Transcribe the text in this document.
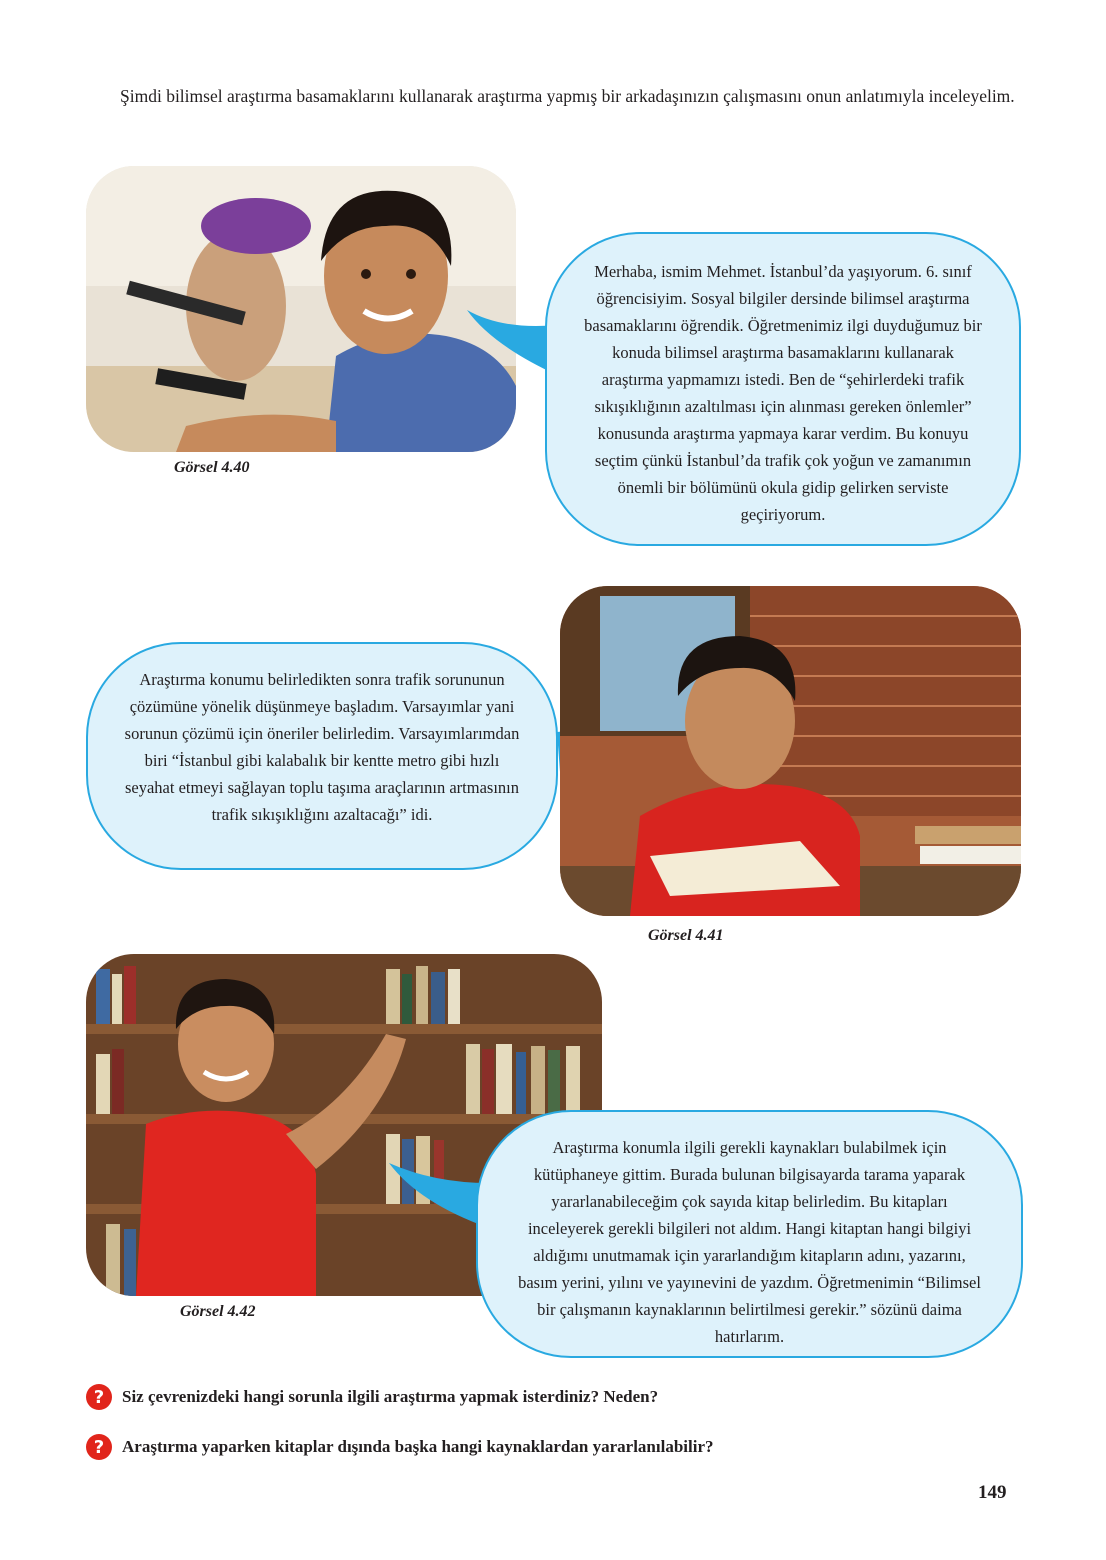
Şimdi bilimsel araştırma basamaklarını kullanarak araştırma yapmış bir arkadaşınızın çalışmasını onun anlatımıyla inceleyelim.

Görsel 4.40

Merhaba, ismim Mehmet. İstanbul’da yaşıyorum. 6. sınıf öğrencisiyim. Sosyal bilgiler dersinde bilimsel araştırma basamaklarını öğrendik. Öğretmenimiz ilgi duyduğumuz bir konuda bilimsel araştırma basamaklarını kullanarak araştırma yapmamızı istedi. Ben de “şehirlerdeki trafik sıkışıklığının azaltılması için alınması gereken önlemler” konusunda araştırma yapmaya karar verdim. Bu konuyu seçtim çünkü İstanbul’da trafik çok yoğun ve zamanımın önemli bir bölümünü okula gidip gelirken serviste geçiriyorum.

Araştırma konumu belirledikten sonra trafik sorununun çözümüne yönelik düşünmeye başladım. Varsayımlar yani sorunun çözümü için öneriler belirledim. Varsayımlarımdan biri “İstanbul gibi kalabalık bir kentte metro gibi hızlı seyahat etmeyi sağlayan toplu taşıma araçlarının artmasının trafik sıkışıklığını azaltacağı” idi.

Görsel 4.41
Görsel 4.42

Araştırma konumla ilgili gerekli kaynakları bulabilmek için kütüphaneye gittim. Burada bulunan bilgisayarda tarama yaparak yararlanabileceğim çok sayıda kitap belirledim. Bu kitapları inceleyerek gerekli bilgileri not aldım. Hangi kitaptan hangi bilgiyi aldığımı unutmamak için yararlandığım kitapların adını, yazarını, basım yerini, yılını ve yayınevini de yazdım. Öğretmenimin “Bilimsel bir çalışmanın kaynaklarının belirtilmesi gerekir.” sözünü daima hatırlarım.

?	Siz çevrenizdeki hangi sorunla ilgili araştırma yapmak isterdiniz? Neden?
?	Araştırma yaparken kitaplar dışında başka hangi kaynaklardan yararlanılabilir?
149
